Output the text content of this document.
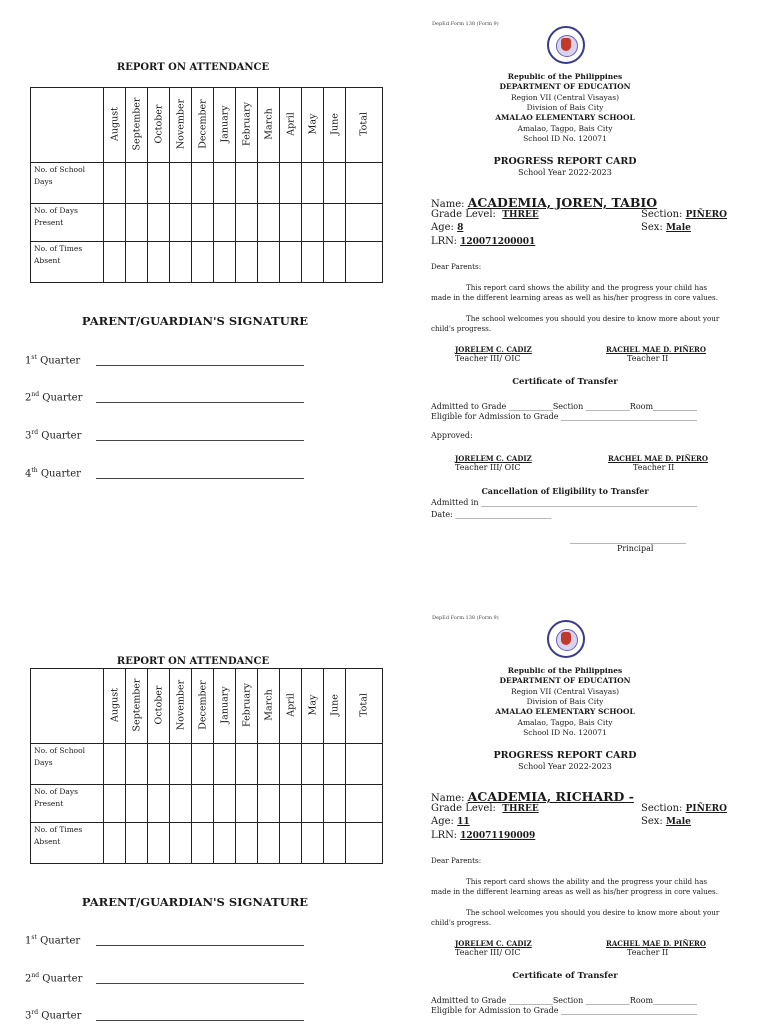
REPORT ON ATTENDANCE

	August	September	October	November	December	January	February	March	April	May	June	Total

No. of School Days												
No. of Days Present												
No. of Times Absent												
PARENT/GUARDIAN'S SIGNATURE
1st Quarter
2nd Quarter
3rd Quarter
4th Quarter
DepEd Form 138 (Form 9)
Republic of the Philippines
DEPARTMENT OF EDUCATION
Region VII (Central Visayas)
Division of Bais City
AMALAO ELEMENTARY SCHOOL
Amalao, Tagpo, Bais City
School ID No. 120071
PROGRESS REPORT CARD
School Year 2022-2023
Name: ACADEMIA, JOREN, TABIO
Grade Level: THREE
Age: 8
LRN: 120071200001
Section: PIÑERO
Sex: Male
Dear Parents:
This report card shows the ability and the progress your child has
made in the different learning areas as well as his/her progress in core values.
The school welcomes you should you desire to know more about your
child's progress.
JORELEM C. CADIZ
Teacher III/ OIC
RACHEL MAE D. PIÑERO
Teacher II
Certificate of Transfer
Admitted to Grade ___________Section ___________Room___________
Eligible for Admission to Grade __________________________________
Approved:
JORELEM C. CADIZ
Teacher III/ OIC
RACHEL MAE D. PIÑERO
Teacher II
Cancellation of Eligibility to Transfer
Admitted in ______________________________________________________
Date: ________________________
_____________________________
Principal
REPORT ON ATTENDANCE

	August	September	October	November	December	January	February	March	April	May	June	Total

No. of School Days												
No. of Days Present												
No. of Times Absent												
PARENT/GUARDIAN'S SIGNATURE
1st Quarter
2nd Quarter
3rd Quarter
DepEd Form 138 (Form 9)
Republic of the Philippines
DEPARTMENT OF EDUCATION
Region VII (Central Visayas)
Division of Bais City
AMALAO ELEMENTARY SCHOOL
Amalao, Tagpo, Bais City
School ID No. 120071
PROGRESS REPORT CARD
School Year 2022-2023
Name: ACADEMIA, RICHARD -
Grade Level: THREE
Age: 11
LRN: 120071190009
Section: PIÑERO
Sex: Male
Dear Parents:
This report card shows the ability and the progress your child has
made in the different learning areas as well as his/her progress in core values.
The school welcomes you should you desire to know more about your
child's progress.
JORELEM C. CADIZ
Teacher III/ OIC
RACHEL MAE D. PIÑERO
Teacher II
Certificate of Transfer
Admitted to Grade ___________Section ___________Room___________
Eligible for Admission to Grade __________________________________
